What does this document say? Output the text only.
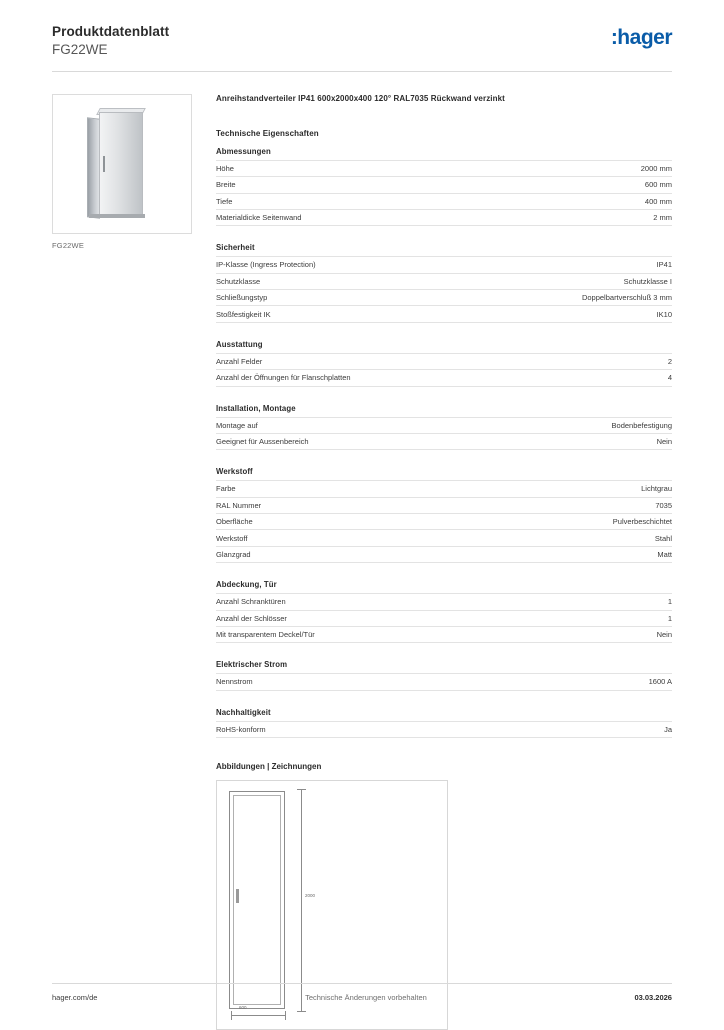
Produktdatenblatt
FG22WE
:hager
FG22WE
Anreihstandverteiler IP41 600x2000x400 120° RAL7035 Rückwand verzinkt
Technische Eigenschaften
Abmessungen
Höhe	2000 mm
Breite	600 mm
Tiefe	400 mm
Materialdicke Seitenwand	2 mm
Sicherheit
IP-Klasse (Ingress Protection)	IP41
Schutzklasse	Schutzklasse I
Schließungstyp	Doppelbartverschluß 3 mm
Stoßfestigkeit IK	IK10
Ausstattung
Anzahl Felder	2
Anzahl der Öffnungen für Flanschplatten	4
Installation, Montage
Montage auf	Bodenbefestigung
Geeignet für Aussenbereich	Nein
Werkstoff
Farbe	Lichtgrau
RAL Nummer	7035
Oberfläche	Pulverbeschichtet
Werkstoff	Stahl
Glanzgrad	Matt
Abdeckung, Tür
Anzahl Schranktüren	1
Anzahl der Schlösser	1
Mit transparentem Deckel/Tür	Nein
Elektrischer Strom
Nennstrom	1600 A
Nachhaltigkeit
RoHS-konform	Ja
Abbildungen | Zeichnungen
600
2000
hager.com/de	Technische Änderungen vorbehalten	03.03.2026
